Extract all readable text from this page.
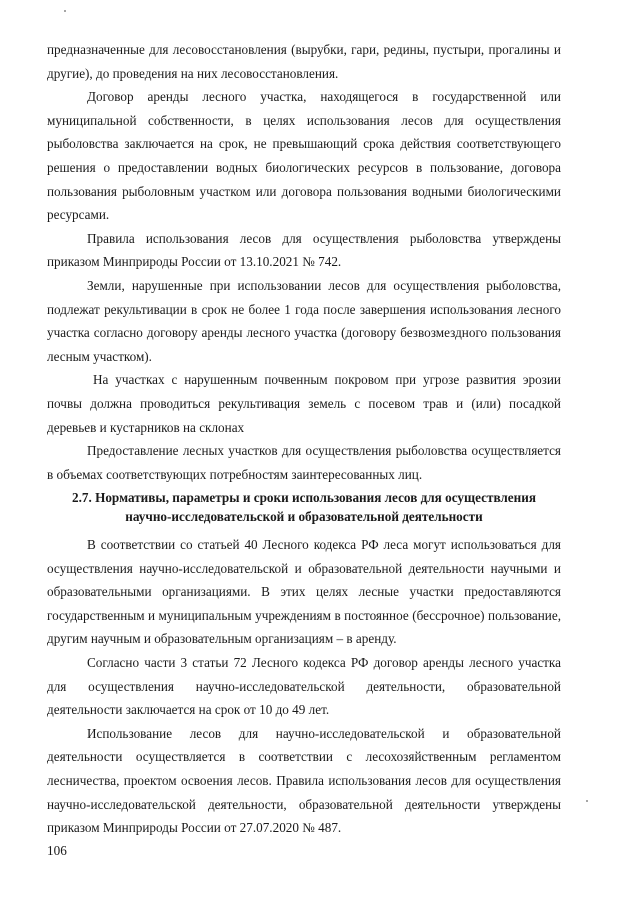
предназначенные для лесовосстановления (вырубки, гари, редины, пустыри, прогалины и другие), до проведения на них лесовосстановления.

Договор аренды лесного участка, находящегося в государственной или муниципальной собственности, в целях использования лесов для осуществления рыболовства заключается на срок, не превышающий срока действия соответствующего решения о предоставлении водных биологических ресурсов в пользование, договора пользования рыболовным участком или договора пользования водными биологическими ресурсами.

Правила использования лесов для осуществления рыболовства утверждены приказом Минприроды России от 13.10.2021 № 742.

Земли, нарушенные при использовании лесов для осуществления рыболовства, подлежат рекультивации в срок не более 1 года после завершения использования лесного участка согласно договору аренды лесного участка (договору безвозмездного пользования лесным участком).

На участках с нарушенным почвенным покровом при угрозе развития эрозии почвы должна проводиться рекультивация земель с посевом трав и (или) посадкой деревьев и кустарников на склонах

Предоставление лесных участков для осуществления рыболовства осуществляется в объемах соответствующих потребностям заинтересованных лиц.

2.7. Нормативы, параметры и сроки использования лесов для осуществления
научно-исследовательской и образовательной деятельности

В соответствии со статьей 40 Лесного кодекса РФ леса могут использоваться для осуществления научно-исследовательской и образовательной деятельности научными и образовательными организациями. В этих целях лесные участки предоставляются государственным и муниципальным учреждениям в постоянное (бессрочное) пользование, другим научным и образовательным организациям – в аренду.

Согласно части 3 статьи 72 Лесного кодекса РФ договор аренды лесного участка для осуществления научно-исследовательской деятельности, образовательной деятельности заключается на срок от 10 до 49 лет.

Использование лесов для научно-исследовательской и образовательной деятельности осуществляется в соответствии с лесохозяйственным регламентом лесничества, проектом освоения лесов. Правила использования лесов для осуществления научно-исследовательской деятельности, образовательной деятельности утверждены приказом Минприроды России от 27.07.2020 № 487.

106
